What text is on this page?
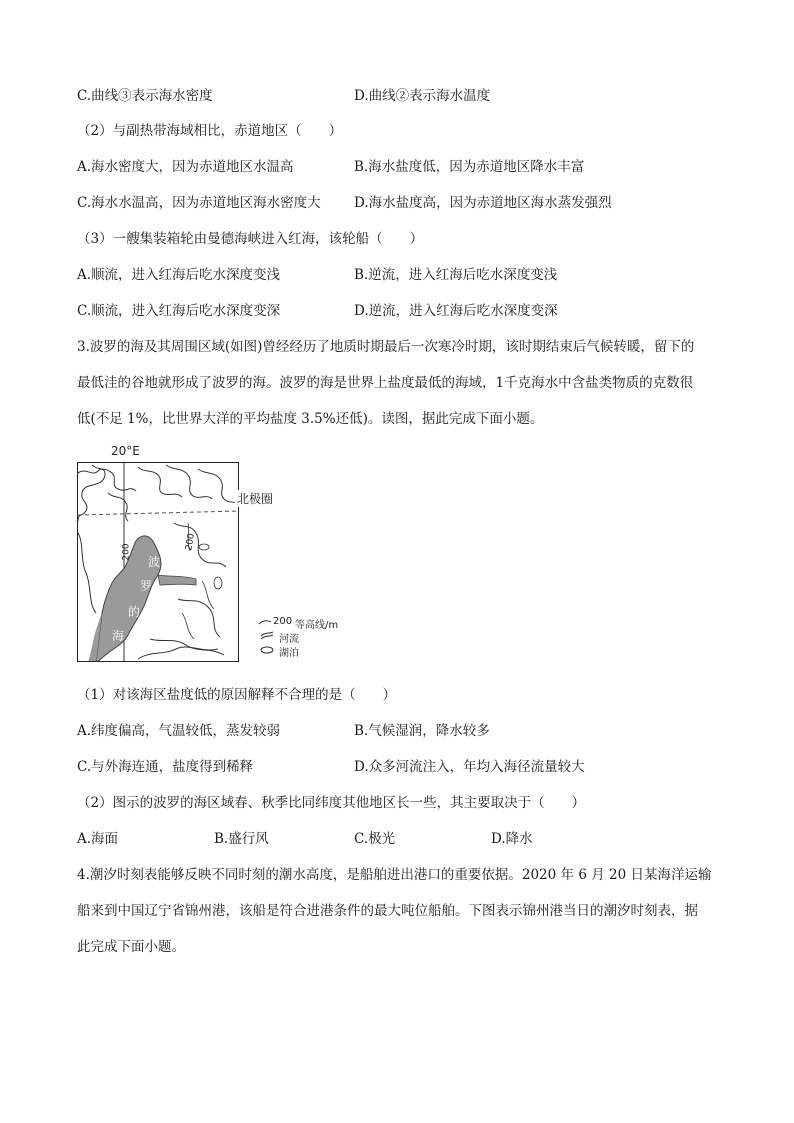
C.曲线③表示海水密度	D.曲线②表示海水温度
（2）与副热带海域相比，赤道地区（　　）
A.海水密度大，因为赤道地区水温高	B.海水盐度低，因为赤道地区降水丰富
C.海水水温高，因为赤道地区海水密度大 D.海水盐度高，因为赤道地区海水蒸发强烈
（3）一艘集装箱轮由曼德海峡进入红海，该轮船（　　）
A.顺流，进入红海后吃水深度变浅	B.逆流，进入红海后吃水深度变浅
C.顺流，进入红海后吃水深度变深	D.逆流，进入红海后吃水深度变深
3.波罗的海及其周围区域(如图)曾经经历了地质时期最后一次寒冷时期，该时期结束后气候转暖，留下的
最低洼的谷地就形成了波罗的海。波罗的海是世界上盐度最低的海域，1千克海水中含盐类物质的克数很
低(不足 1%，比世界大洋的平均盐度 3.5%还低)。读图，据此完成下面小题。
20°E
波
罗
的
海
200
200
北极圈
200 等高线/m
河流
湖泊
（1）对该海区盐度低的原因解释不合理的是（　　）
A.纬度偏高，气温较低，蒸发较弱	B.气候湿润，降水较多
C.与外海连通，盐度得到稀释	D.众多河流注入，年均入海径流量较大
（2）图示的波罗的海区域春、秋季比同纬度其他地区长一些，其主要取决于（　　）
A.海面	B.盛行风	C.极光	D.降水
4.潮汐时刻表能够反映不同时刻的潮水高度，是船舶进出港口的重要依据。2020 年 6 月 20 日某海洋运输
船来到中国辽宁省锦州港，该船是符合进港条件的最大吨位船舶。下图表示锦州港当日的潮汐时刻表，据
此完成下面小题。
